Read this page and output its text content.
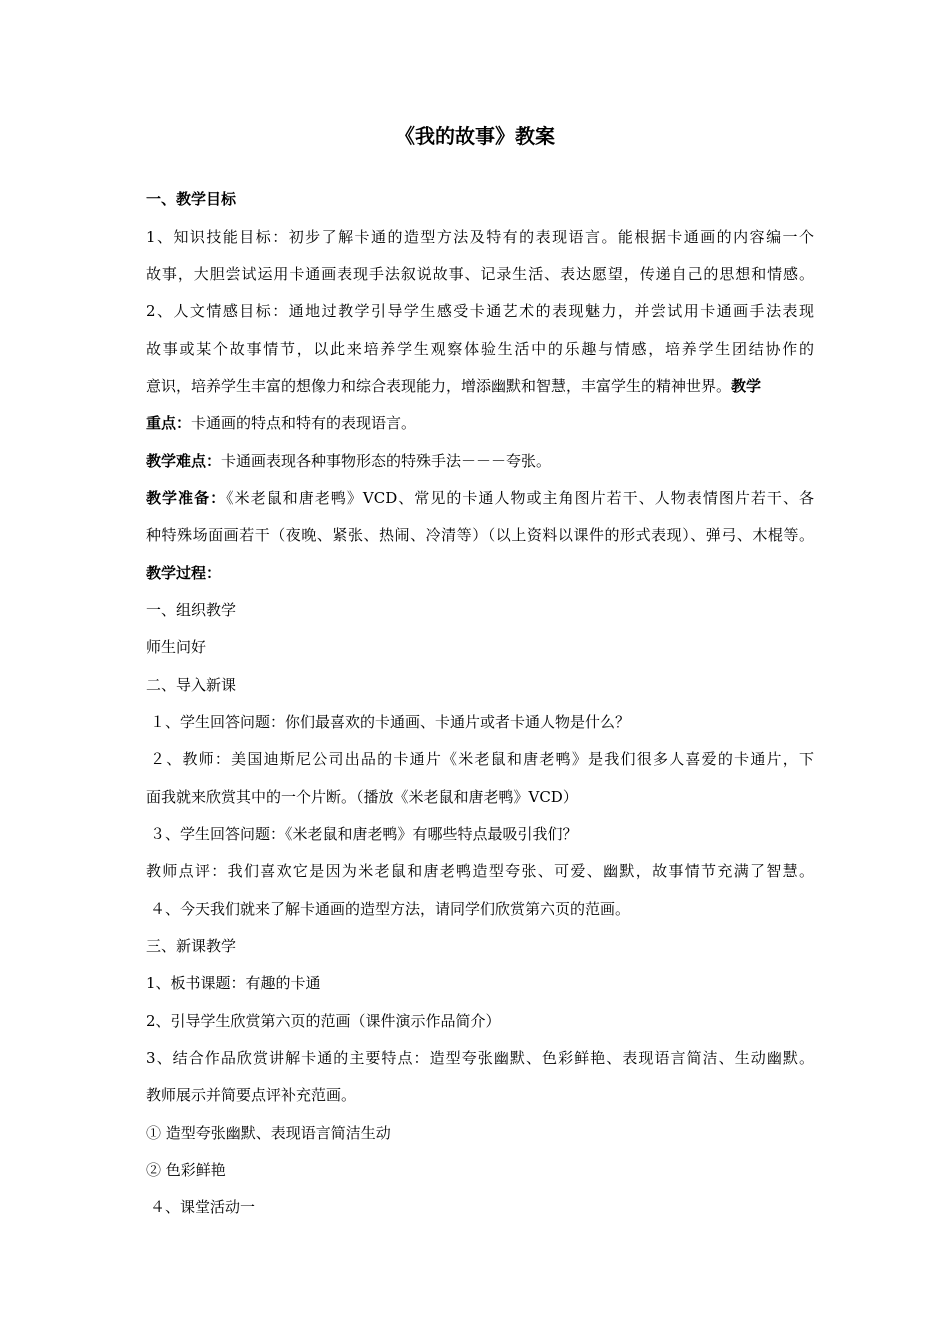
《我的故事》教案
一、教学目标
1、知识技能目标：初步了解卡通的造型方法及特有的表现语言。能根据卡通画的内容编一个
故事，大胆尝试运用卡通画表现手法叙说故事、记录生活、表达愿望，传递自己的思想和情感。
2、人文情感目标：通地过教学引导学生感受卡通艺术的表现魅力，并尝试用卡通画手法表现
故事或某个故事情节，以此来培养学生观察体验生活中的乐趣与情感，培养学生团结协作的
意识，培养学生丰富的想像力和综合表现能力，增添幽默和智慧，丰富学生的精神世界。教学
重点：卡通画的特点和特有的表现语言。
教学难点：卡通画表现各种事物形态的特殊手法－－－夸张。
教学准备：《米老鼠和唐老鸭》VCD、常见的卡通人物或主角图片若干、人物表情图片若干、各
种特殊场面画若干（夜晚、紧张、热闹、冷清等）（以上资料以课件的形式表现）、弹弓、木棍等。
教学过程：
一、组织教学
师生问好
二、导入新课
１、学生回答问题：你们最喜欢的卡通画、卡通片或者卡通人物是什么？
２、教师：美国迪斯尼公司出品的卡通片《米老鼠和唐老鸭》是我们很多人喜爱的卡通片，下
面我就来欣赏其中的一个片断。（播放《米老鼠和唐老鸭》VCD）
３、学生回答问题：《米老鼠和唐老鸭》有哪些特点最吸引我们？
教师点评：我们喜欢它是因为米老鼠和唐老鸭造型夸张、可爱、幽默，故事情节充满了智慧。
４、今天我们就来了解卡通画的造型方法，请同学们欣赏第六页的范画。
三、新课教学
1、板书课题：有趣的卡通
2、引导学生欣赏第六页的范画（课件演示作品简介）
3、结合作品欣赏讲解卡通的主要特点：造型夸张幽默、色彩鲜艳、表现语言简洁、生动幽默。
教师展示并简要点评补充范画。
① 造型夸张幽默、表现语言简洁生动
② 色彩鲜艳
４、课堂活动一
